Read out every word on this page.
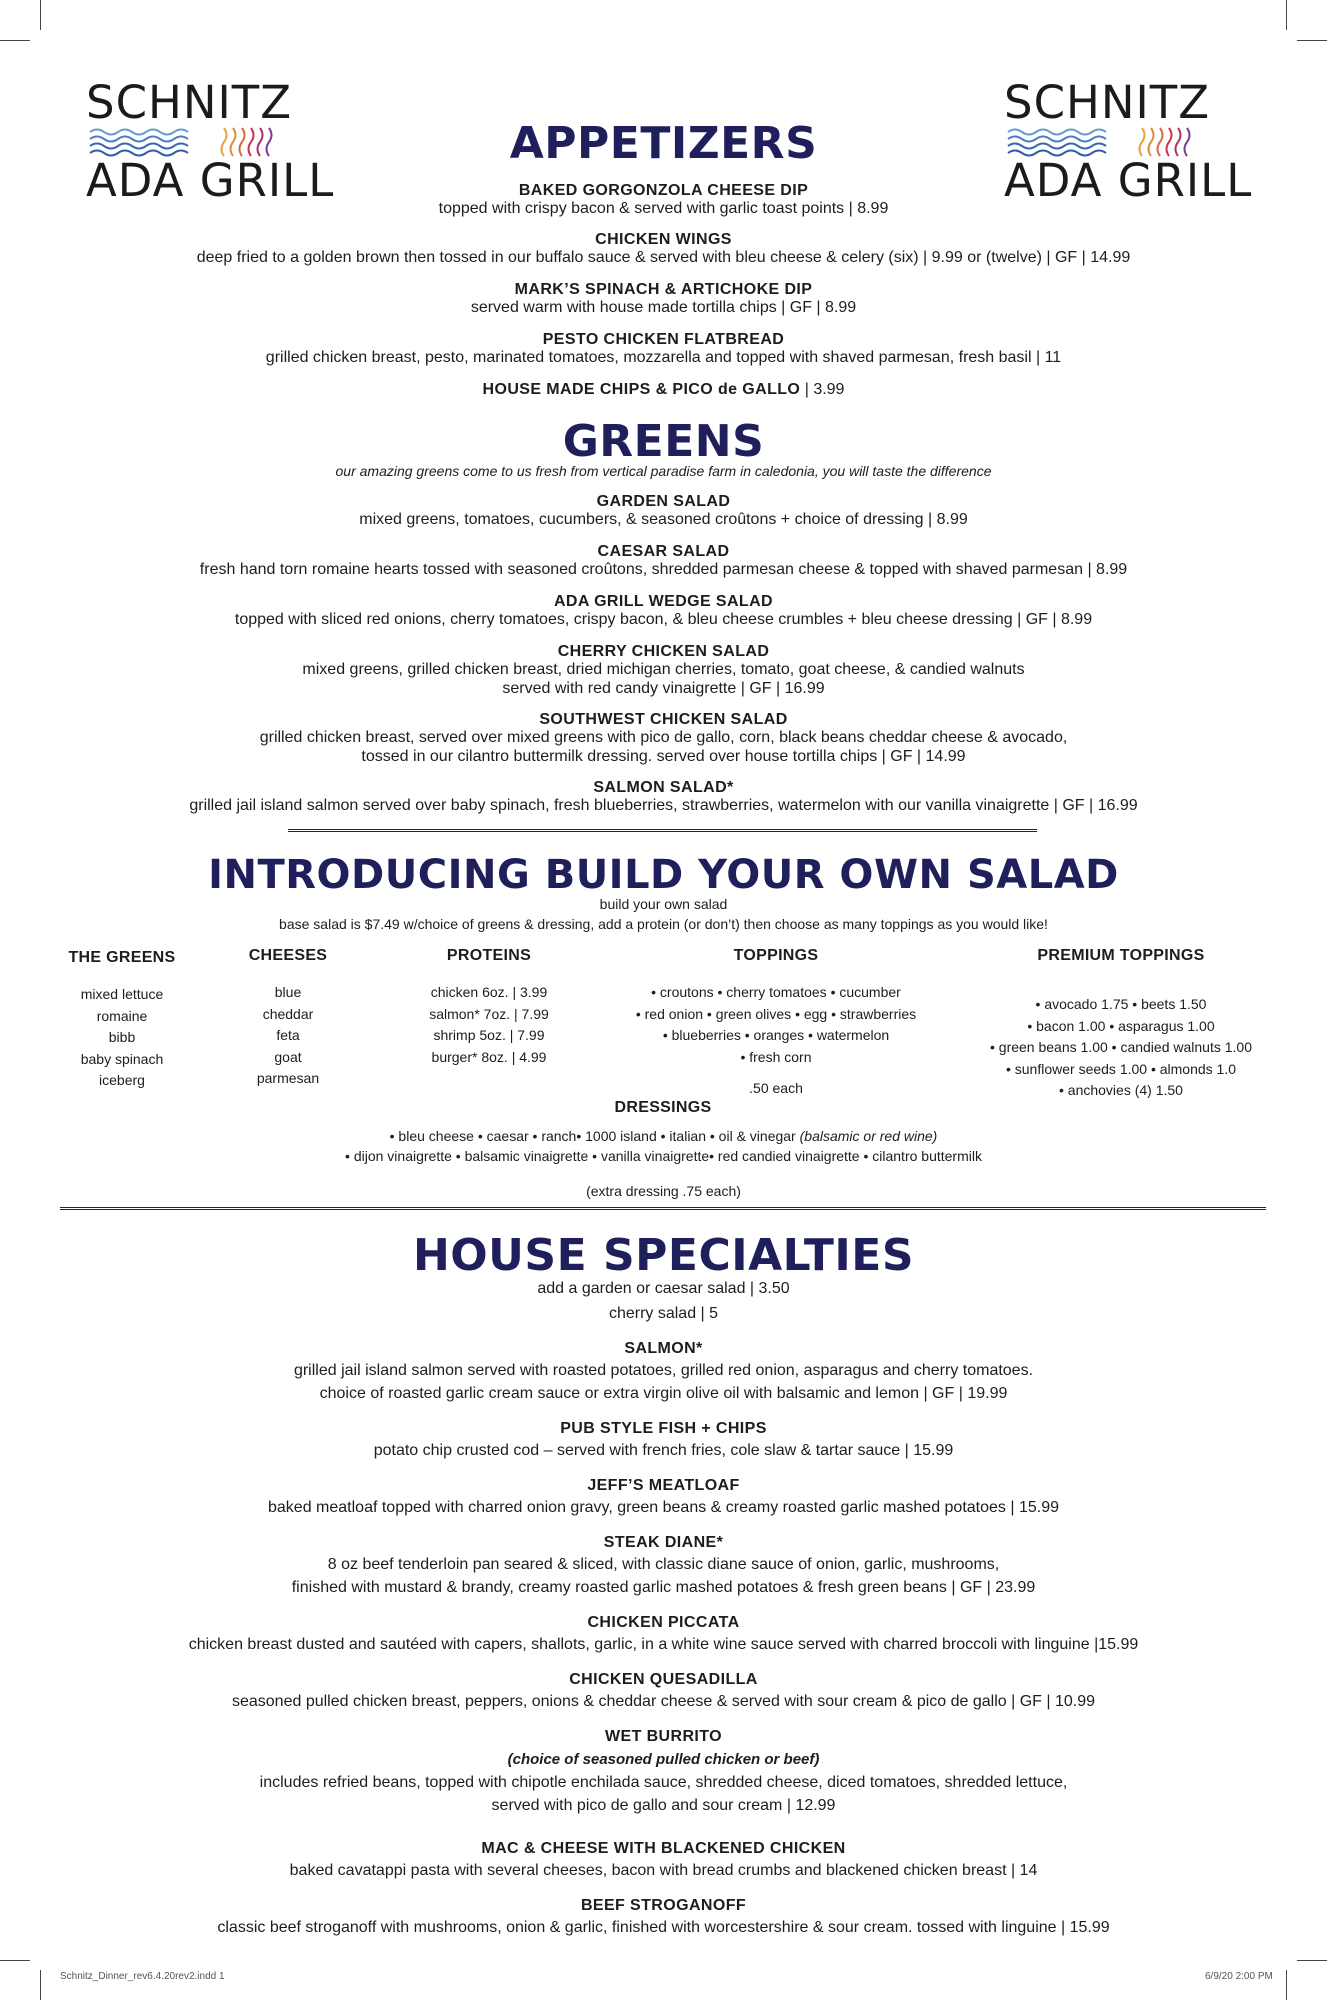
SCHNITZ
ADA GRILL
SCHNITZ
ADA GRILL
APPETIZERS
BAKED GORGONZOLA CHEESE DIP
topped with crispy bacon & served with garlic toast points | 8.99
CHICKEN WINGS
deep fried to a golden brown then tossed in our buffalo sauce & served with bleu cheese & celery (six) | 9.99 or (twelve) | GF | 14.99
MARK’S SPINACH & ARTICHOKE DIP
served warm with house made tortilla chips | GF | 8.99
PESTO CHICKEN FLATBREAD
grilled chicken breast, pesto, marinated tomatoes, mozzarella and topped with shaved parmesan, fresh basil | 11
HOUSE MADE CHIPS & PICO de GALLO | 3.99
GREENS
our amazing greens come to us fresh from vertical paradise farm in caledonia, you will taste the difference
GARDEN SALAD
mixed greens, tomatoes, cucumbers, & seasoned croûtons + choice of dressing | 8.99
CAESAR SALAD
fresh hand torn romaine hearts tossed with seasoned croûtons, shredded parmesan cheese & topped with shaved parmesan | 8.99
ADA GRILL WEDGE SALAD
topped with sliced red onions, cherry tomatoes, crispy bacon, & bleu cheese crumbles + bleu cheese dressing | GF | 8.99
CHERRY CHICKEN SALAD
mixed greens, grilled chicken breast, dried michigan cherries, tomato, goat cheese, & candied walnuts
served with red candy vinaigrette | GF | 16.99
SOUTHWEST CHICKEN SALAD
grilled chicken breast, served over mixed greens with pico de gallo, corn, black beans cheddar cheese & avocado,
tossed in our cilantro buttermilk dressing. served over house tortilla chips | GF | 14.99
SALMON SALAD*
grilled jail island salmon served over baby spinach, fresh blueberries, strawberries, watermelon with our vanilla vinaigrette | GF | 16.99
INTRODUCING BUILD YOUR OWN SALAD
build your own salad
base salad is $7.49 w/choice of greens & dressing, add a protein (or don’t) then choose as many toppings as you would like!
THE GREENS
mixed lettuce
romaine
bibb
baby spinach
iceberg
CHEESES
blue
cheddar
feta
goat
parmesan
PROTEINS
chicken 6oz. | 3.99
salmon* 7oz. | 7.99
shrimp 5oz. | 7.99
burger* 8oz. | 4.99
TOPPINGS
• croutons • cherry tomatoes • cucumber
• red onion • green olives • egg • strawberries
• blueberries • oranges • watermelon
• fresh corn
.50 each
PREMIUM TOPPINGS
• avocado 1.75 • beets 1.50
• bacon 1.00 • asparagus 1.00
• green beans 1.00 • candied walnuts 1.00
• sunflower seeds 1.00 • almonds 1.0
• anchovies (4) 1.50
DRESSINGS
• bleu cheese • caesar • ranch• 1000 island • italian • oil & vinegar (balsamic or red wine)
• dijon vinaigrette • balsamic vinaigrette • vanilla vinaigrette• red candied vinaigrette • cilantro buttermilk
(extra dressing .75 each)
HOUSE SPECIALTIES
add a garden or caesar salad | 3.50
cherry salad | 5
SALMON*
grilled jail island salmon served with roasted potatoes, grilled red onion, asparagus and cherry tomatoes.
choice of roasted garlic cream sauce or extra virgin olive oil with balsamic and lemon | GF | 19.99
PUB STYLE FISH + CHIPS
potato chip crusted cod – served with french fries, cole slaw & tartar sauce | 15.99
JEFF’S MEATLOAF
baked meatloaf topped with charred onion gravy, green beans & creamy roasted garlic mashed potatoes | 15.99
STEAK DIANE*
8 oz beef tenderloin pan seared & sliced, with classic diane sauce of onion, garlic, mushrooms,
finished with mustard & brandy, creamy roasted garlic mashed potatoes & fresh green beans | GF | 23.99
CHICKEN PICCATA
chicken breast dusted and sautéed with capers, shallots, garlic, in a white wine sauce served with charred broccoli with linguine |15.99
CHICKEN QUESADILLA
seasoned pulled chicken breast, peppers, onions & cheddar cheese & served with sour cream & pico de gallo | GF | 10.99
WET BURRITO
(choice of seasoned pulled chicken or beef)
includes refried beans, topped with chipotle enchilada sauce, shredded cheese, diced tomatoes, shredded lettuce,
served with pico de gallo and sour cream | 12.99
MAC & CHEESE WITH BLACKENED CHICKEN
baked cavatappi pasta with several cheeses, bacon with bread crumbs and blackened chicken breast | 14
BEEF STROGANOFF
classic beef stroganoff with mushrooms, onion & garlic, finished with worcestershire & sour cream. tossed with linguine | 15.99
Schnitz_Dinner_rev6.4.20rev2.indd 1	6/9/20 2:00 PM
